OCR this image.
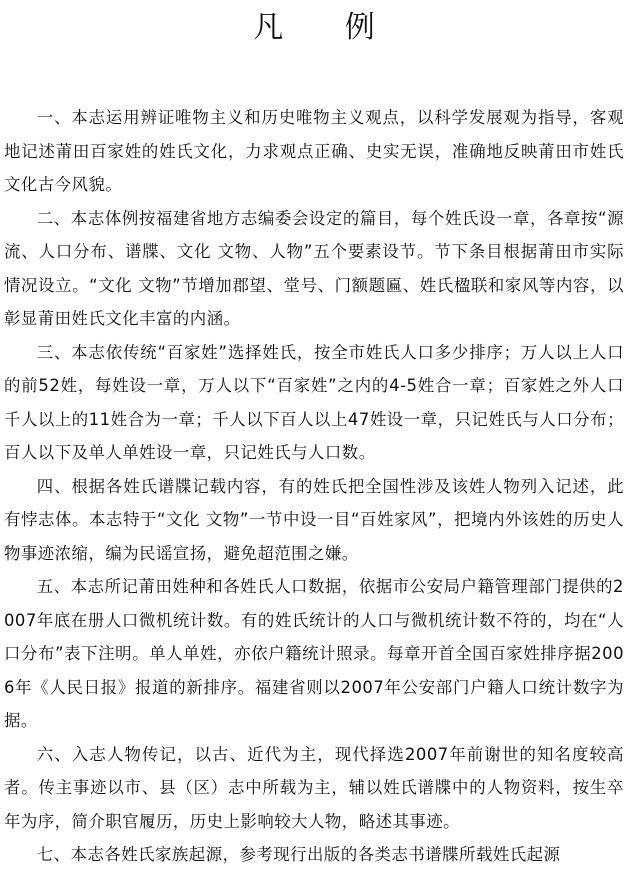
凡 例

一、本志运用辨证唯物主义和历史唯物主义观点，以科学发展观为指导，客观地记述莆田百家姓的姓氏文化，力求观点正确、史实无误，准确地反映莆田市姓氏文化古今风貌。

二、本志体例按福建省地方志编委会设定的篇目，每个姓氏设一章，各章按“源流、人口分布、谱牒、文化 文物、人物”五个要素设节。节下条目根据莆田市实际情况设立。“文化 文物”节增加郡望、堂号、门额题匾、姓氏楹联和家风等内容，以彰显莆田姓氏文化丰富的内涵。

三、本志依传统“百家姓”选择姓氏，按全市姓氏人口多少排序；万人以上人口的前52姓，每姓设一章，万人以下“百家姓”之内的4-5姓合一章；百家姓之外人口千人以上的11姓合为一章；千人以下百人以上47姓设一章，只记姓氏与人口分布；百人以下及单人单姓设一章，只记姓氏与人口数。

四、根据各姓氏谱牒记载内容，有的姓氏把全国性涉及该姓人物列入记述，此有悖志体。本志特于“文化 文物”一节中设一目“百姓家风”，把境内外该姓的历史人物事迹浓缩，编为民谣宣扬，避免超范围之嫌。

五、本志所记莆田姓种和各姓氏人口数据，依据市公安局户籍管理部门提供的2007年底在册人口微机统计数。有的姓氏统计的人口与微机统计数不符的，均在“人口分布”表下注明。单人单姓，亦依户籍统计照录。每章开首全国百家姓排序据2006年《人民日报》报道的新排序。福建省则以2007年公安部门户籍人口统计数字为据。

六、入志人物传记，以古、近代为主，现代择选2007年前谢世的知名度较高者。传主事迹以市、县（区）志中所载为主，辅以姓氏谱牒中的人物资料，按生卒年为序，简介职官履历，历史上影响较大人物，略述其事迹。

七、本志各姓氏家族起源，参考现行出版的各类志书谱牒所载姓氏起源
